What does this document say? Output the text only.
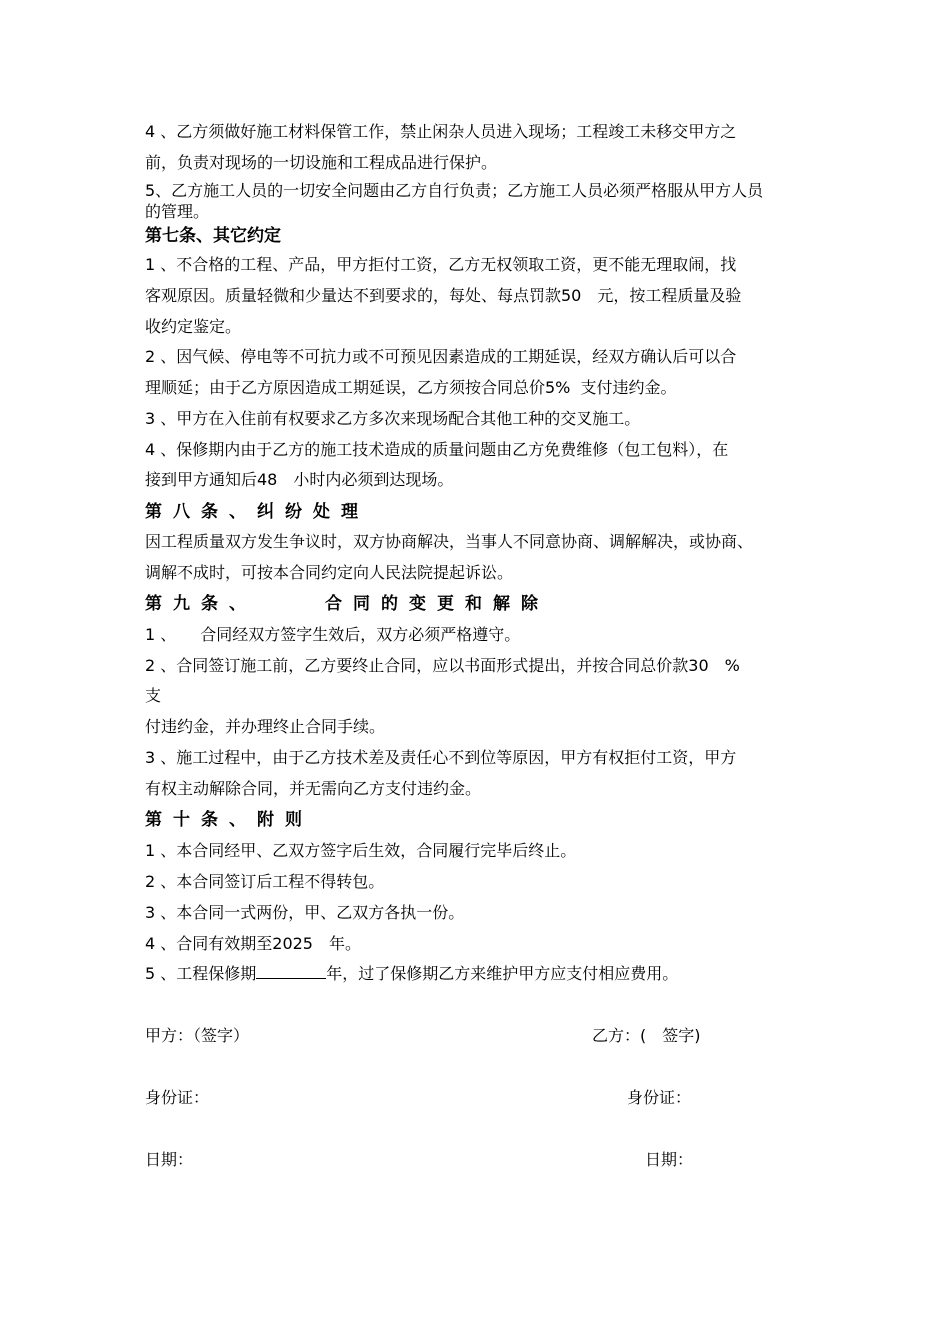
4 、乙方须做好施工材料保管工作，禁止闲杂人员进入现场；工程竣工未移交甲方之
前，负责对现场的一切设施和工程成品进行保护。
5、乙方施工人员的一切安全问题由乙方自行负责；乙方施工人员必须严格服从甲方人员
的管理。
第七条、其它约定
1 、不合格的工程、产品，甲方拒付工资，乙方无权领取工资，更不能无理取闹，找
客观原因。质量轻微和少量达不到要求的，每处、每点罚款50　元，按工程质量及验
收约定鉴定。
2 、因气候、停电等不可抗力或不可预见因素造成的工期延误，经双方确认后可以合
理顺延；由于乙方原因造成工期延误，乙方须按合同总价5%  支付违约金。
3 、甲方在入住前有权要求乙方多次来现场配合其他工种的交叉施工。
4 、保修期内由于乙方的施工技术造成的质量问题由乙方免费维修（包工包料），在
接到甲方通知后48　小时内必须到达现场。
第八条、纠纷处理
因工程质量双方发生争议时，双方协商解决，当事人不同意协商、调解解决，或协商、
调解不成时，可按本合同约定向人民法院提起诉讼。
第九条、	合同的变更和解除
1 、　　合同经双方签字生效后，双方必须严格遵守。
2 、合同签订施工前，乙方要终止合同，应以书面形式提出，并按合同总价款30　%
支
付违约金，并办理终止合同手续。
3 、施工过程中，由于乙方技术差及责任心不到位等原因，甲方有权拒付工资，甲方
有权主动解除合同，并无需向乙方支付违约金。
第十条、附则
1 、本合同经甲、乙双方签字后生效，合同履行完毕后终止。
2 、本合同签订后工程不得转包。
3 、本合同一式两份，甲、乙双方各执一份。
4 、合同有效期至2025　年。
5 、工程保修期	年，过了保修期乙方来维护甲方应支付相应费用。
甲方：（签字）	乙方：(　签字)
身份证：	身份证：
日期：	日期：
